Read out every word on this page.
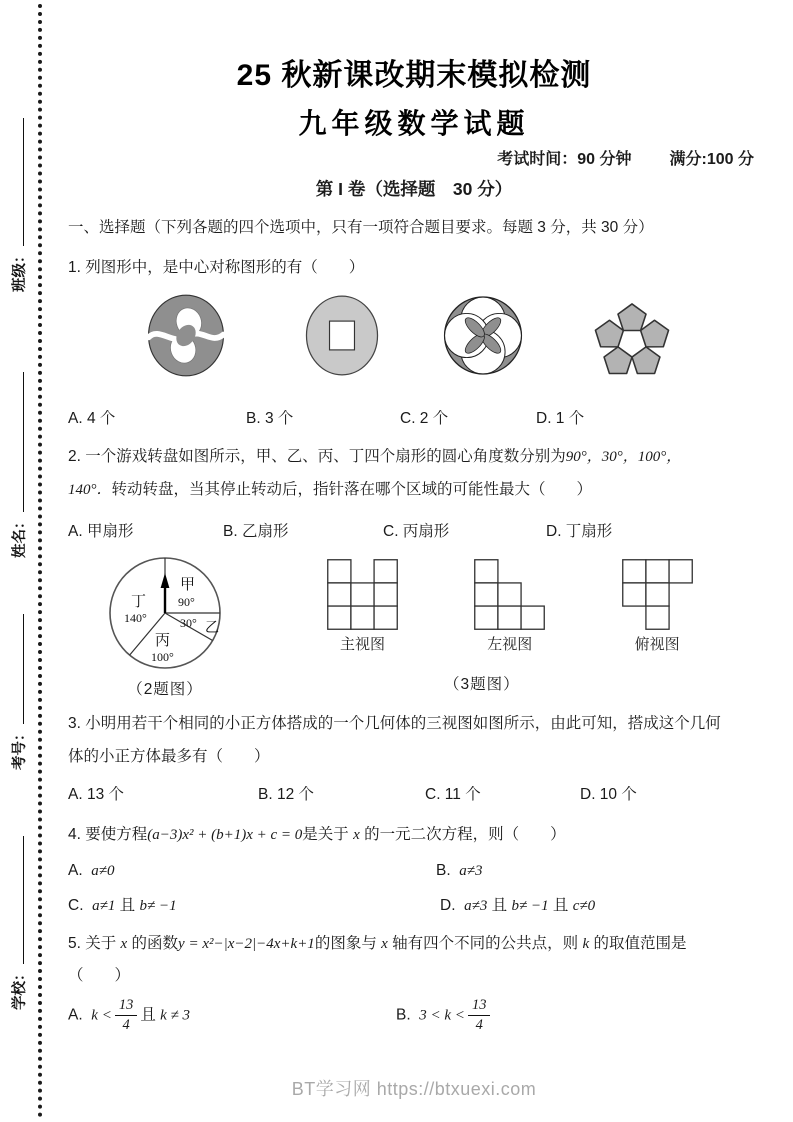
班级：
姓名：
考号：
学校：
25 秋新课改期末模拟检测
九年级数学试题
考试时间：90 分钟 满分:100 分
第 I 卷（选择题　30 分）
一、选择题（下列各题的四个选项中，只有一项符合题目要求。每题 3 分，共 30 分）
1. 列图形中，是中心对称图形的有（　　）
A. 4 个	B. 3 个	C. 2 个	D. 1 个
2. 一个游戏转盘如图所示，甲、乙、丙、丁四个扇形的圆心角度数分别为90°，30°，100°，
140°．转动转盘，当其停止转动后，指针落在哪个区域的可能性最大（　　）
A. 甲扇形	B. 乙扇形	C. 丙扇形	D. 丁扇形
甲
90°
乙
30°
丙
100°
丁
140°
（2题图）
主视图	左视图
（3题图）
俯视图
3. 小明用若干个相同的小正方体搭成的一个几何体的三视图如图所示，由此可知，搭成这个几何
体的小正方体最多有（　　）
A. 13 个	B. 12 个	C. 11 个	D. 10 个
4. 要使方程(a−3)x² + (b+1)x + c = 0是关于 x 的一元二次方程，则（　　）
A. a≠0	B. a≠3
C. a≠1 且 b≠ −1	D. a≠3 且 b≠ −1 且 c≠0
5. 关于 x 的函数y = x²−|x−2|−4x+k+1的图象与 x 轴有四个不同的公共点，则 k 的取值范围是
（　　）
A. $k < \frac{13}{4}$ 且 k ≠ 3	B. $3 < k < \frac{13}{4}$
BT学习网 https://btxuexi.com
